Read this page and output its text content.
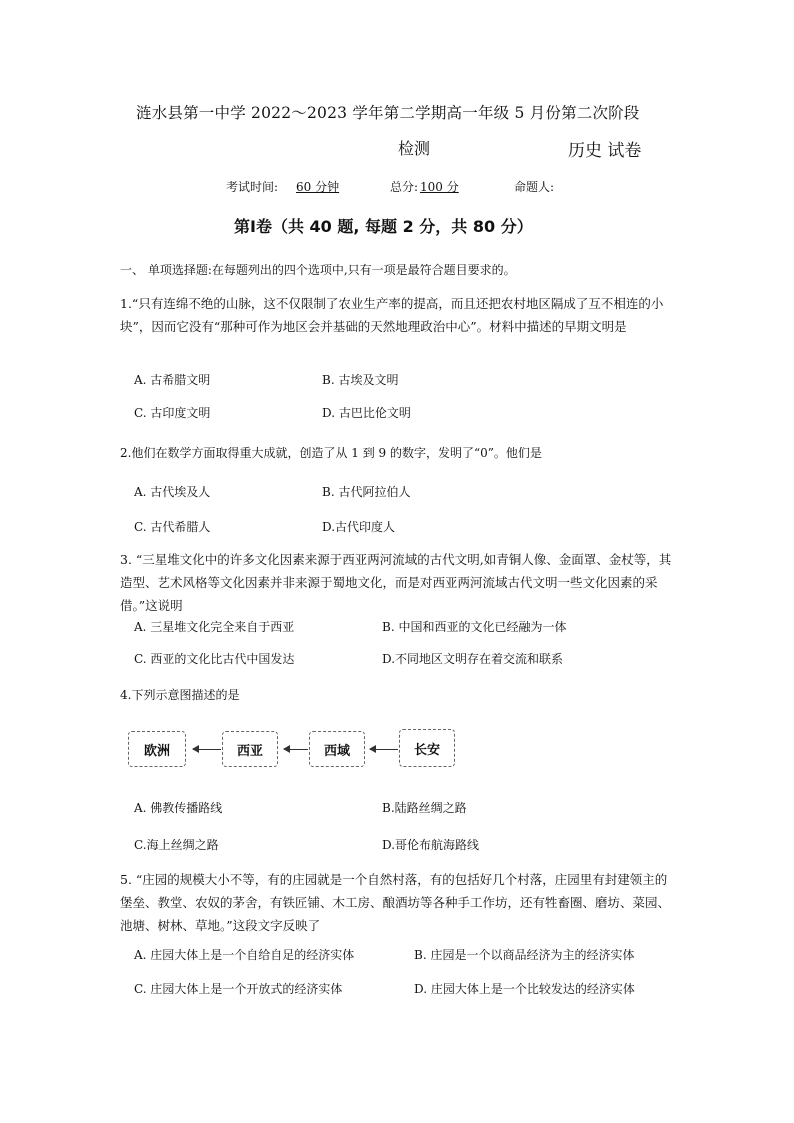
涟水县第一中学 2022～2023 学年第二学期高一年级 5 月份第二次阶段
检测	历史 试卷
考试时间: 60 分钟	总分: 100 分	命题人:
第Ⅰ卷（共 40 题, 每题 2 分，共 80 分）
一、 单项选择题:在每题列出的四个选项中,只有一项是最符合题目要求的。
1.“只有连绵不绝的山脉，这不仅限制了农业生产率的提高，而且还把农村地区隔成了互不相连的小块”，因而它没有“那种可作为地区会并基础的天然地理政治中心”。材料中描述的早期文明是
A. 古希腊文明	B. 古埃及文明
C. 古印度文明	D. 古巴比伦文明
2.他们在数学方面取得重大成就，创造了从 1 到 9 的数字，发明了“0”。他们是
A. 古代埃及人	B. 古代阿拉伯人
C. 古代希腊人	D.古代印度人
3. “三星堆文化中的许多文化因素来源于西亚两河流域的古代文明,如青铜人像、金面罩、金杖等，其造型、艺术风格等文化因素并非来源于蜀地文化，而是对西亚两河流域古代文明一些文化因素的采借。”这说明
A. 三星堆文化完全来自于西亚	B. 中国和西亚的文化已经融为一体
C. 西亚的文化比古代中国发达	D.不同地区文明存在着交流和联系
4.下列示意图描述的是
欧洲	西亚	西域	长安
A. 佛教传播路线	B.陆路丝绸之路
C.海上丝绸之路	D.哥伦布航海路线
5. “庄园的规模大小不等，有的庄园就是一个自然村落，有的包括好几个村落，庄园里有封建领主的堡垒、教堂、农奴的茅舍，有铁匠铺、木工房、酿酒坊等各种手工作坊，还有牲畜圈、磨坊、菜园、池塘、树林、草地。”这段文字反映了
A. 庄园大体上是一个自给自足的经济实体	B. 庄园是一个以商品经济为主的经济实体
C. 庄园大体上是一个开放式的经济实体	D. 庄园大体上是一个比较发达的经济实体
